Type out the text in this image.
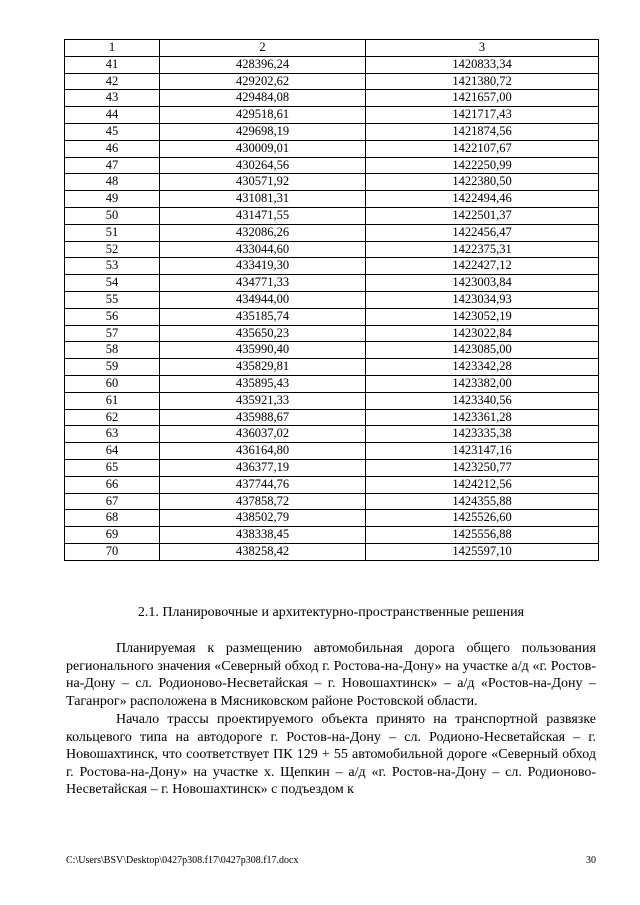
1	2	3
41	428396,24	1420833,34
42	429202,62	1421380,72
43	429484,08	1421657,00
44	429518,61	1421717,43
45	429698,19	1421874,56
46	430009,01	1422107,67
47	430264,56	1422250,99
48	430571,92	1422380,50
49	431081,31	1422494,46
50	431471,55	1422501,37
51	432086,26	1422456,47
52	433044,60	1422375,31
53	433419,30	1422427,12
54	434771,33	1423003,84
55	434944,00	1423034,93
56	435185,74	1423052,19
57	435650,23	1423022,84
58	435990,40	1423085,00
59	435829,81	1423342,28
60	435895,43	1423382,00
61	435921,33	1423340,56
62	435988,67	1423361,28
63	436037,02	1423335,38
64	436164,80	1423147,16
65	436377,19	1423250,77
66	437744,76	1424212,56
67	437858,72	1424355,88
68	438502,79	1425526,60
69	438338,45	1425556,88
70	438258,42	1425597,10
2.1. Планировочные и архитектурно-пространственные решения

Планируемая к размещению автомобильная дорога общего пользования регионального значения «Северный обход г. Ростова-на-Дону» на участке а/д «г. Ростов-на-Дону – сл. Родионово-Несветайская – г. Новошахтинск» – а/д «Ростов-на-Дону – Таганрог» расположена в Мясниковском районе Ростовской области.

Начало трассы проектируемого объекта принято на транспортной развязке кольцевого типа на автодороге г. Ростов-на-Дону – сл. Родионо-Несветайская – г. Новошахтинск, что соответствует ПК 129 + 55 автомобильной дороге «Северный обход г. Ростова-на-Дону» на участке х. Щепкин – а/д «г. Ростов-на-Дону – сл. Родионово-Несветайская – г. Новошахтинск» с подъездом к

C:\Users\BSV\Desktop\0427p308.f17\0427p308.f17.docx	30
